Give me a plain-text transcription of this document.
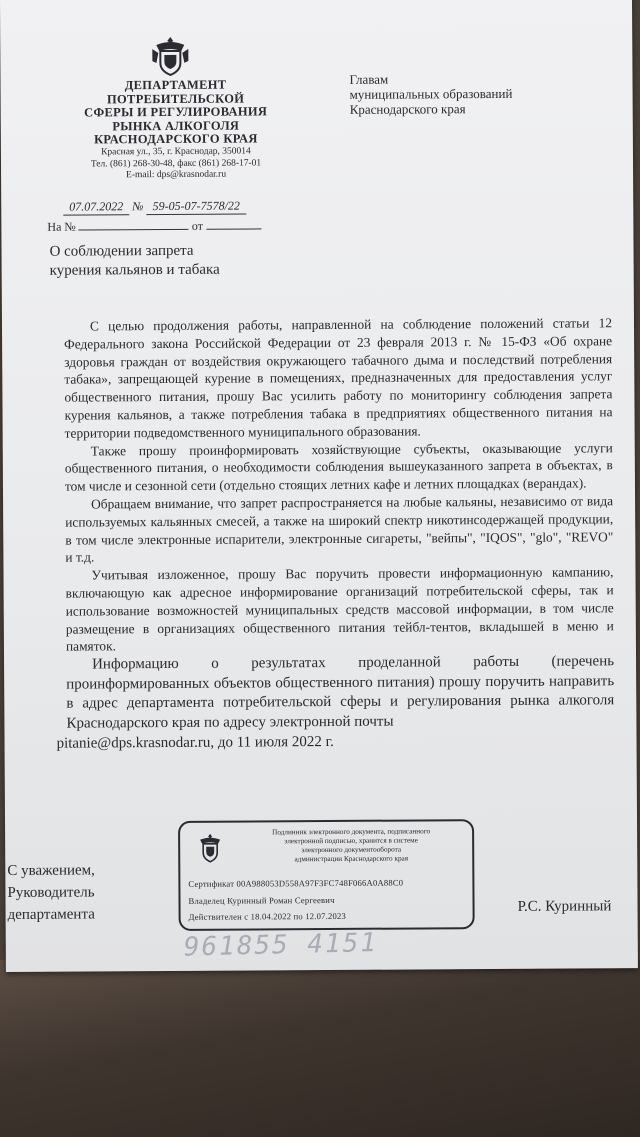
ДЕПАРТАМЕНТ
ПОТРЕБИТЕЛЬСКОЙ
СФЕРЫ И РЕГУЛИРОВАНИЯ
РЫНКА АЛКОГОЛЯ
КРАСНОДАРСКОГО КРАЯ
Красная ул., 35, г. Краснодар, 350014
Тел. (861) 268-30-48, факс (861) 268-17-01
E-mail: dps@krasnodar.ru
Главам
муниципальных образований
Краснодарского края
07.07.2022 № 59-05-07-7578/22
На №	от
О соблюдении запрета
курения кальянов и табака

С целью продолжения работы, направленной на соблюдение положений статьи 12 Федерального закона Российской Федерации от 23 февраля 2013 г. № 15-ФЗ «Об охране здоровья граждан от воздействия окружающего табачного дыма и последствий потребления табака», запрещающей курение в помещениях, предназначенных для предоставления услуг общественного питания, прошу Вас усилить работу по мониторингу соблюдения запрета курения кальянов, а также потребления табака в предприятиях общественного питания на территории подведомственного муниципального образования.

Также прошу проинформировать хозяйствующие субъекты, оказывающие услуги общественного питания, о необходимости соблюдения вышеуказанного запрета в объектах, в том числе и сезонной сети (отдельно стоящих летних кафе и летних площадках (верандах).

Обращаем внимание, что запрет распространяется на любые кальяны, независимо от вида используемых кальянных смесей, а также на широкий спектр никотинсодержащей продукции, в том числе электронные испарители, электронные сигареты, "вейпы", "IQOS", "glo", "REVO" и т.д.

Учитывая изложенное, прошу Вас поручить провести информационную кампанию, включающую как адресное информирование организаций потребительской сферы, так и использование возможностей муниципальных средств массовой информации, в том числе размещение в организациях общественного питания тейбл-тентов, вкладышей в меню и памяток.

Информацию о результатах проделанной работы (перечень проинформированных объектов общественного питания) прошу поручить направить в адрес департамента потребительской сферы и регулирования рынка алкоголя Краснодарского края по адресу электронной почты

pitanie@dps.krasnodar.ru, до 11 июля 2022 г.

С уважением,
Руководитель
департамента
Подлинник электронного документа, подписанного
электронной подписью, хранится в системе
электронного документооборота
администрации Краснодарского края
Сертификат 00A988053D558A97F3FC748F066A0A88C0
Владелец Куринный Роман Сергеевич
Действителен с 18.04.2022 по 12.07.2023
Р.С. Куринный
961855 4151
